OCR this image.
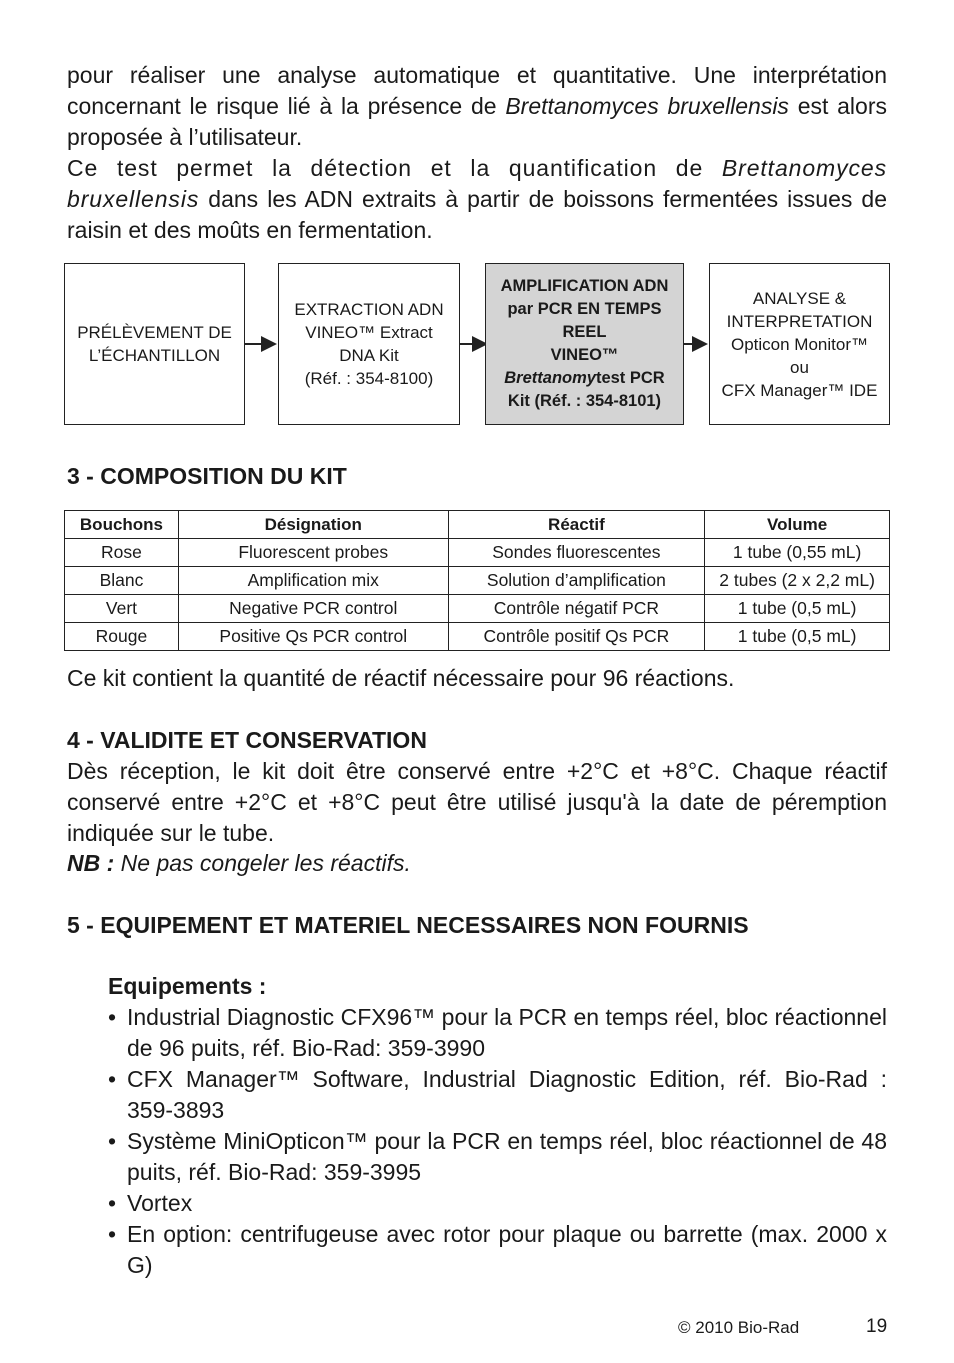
pour réaliser une analyse automatique et quantitative. Une interprétation concernant le risque lié à la présence de Brettanomyces bruxellensis est alors proposée à l’utilisateur.

Ce test permet la détection et la quantification de Brettanomyces bruxellensis dans les ADN extraits à partir de boissons fermentées issues de raisin et des moûts en fermentation.

PRÉLÈVEMENT DE
L’ÉCHANTILLON
EXTRACTION ADN
VINEO™ Extract
DNA Kit
(Réf. : 354-8100)
AMPLIFICATION ADN
par PCR EN TEMPS
REEL
VINEO™
Brettanomytest PCR
Kit (Réf. : 354-8101)
ANALYSE &
INTERPRETATION
Opticon Monitor™
ou
CFX Manager™ IDE
3 - COMPOSITION DU KIT
Bouchons	Désignation	Réactif	Volume
Rose	Fluorescent probes	Sondes fluorescentes	1 tube (0,55 mL)
Blanc	Amplification mix	Solution d’amplification	2 tubes (2 x 2,2 mL)
Vert	Negative PCR control	Contrôle négatif PCR	1 tube (0,5 mL)
Rouge	Positive Qs PCR control	Contrôle positif Qs PCR	1 tube (0,5 mL)

Ce kit contient la quantité de réactif nécessaire pour 96 réactions.

4 - VALIDITE ET CONSERVATION

Dès réception, le kit doit être conservé entre +2°C et +8°C. Chaque réactif conservé entre +2°C et +8°C peut être utilisé jusqu'à la date de péremption indiquée sur le tube.

NB : Ne pas congeler les réactifs.

5 - EQUIPEMENT ET MATERIEL NECESSAIRES NON FOURNIS
Equipements :
• Industrial Diagnostic CFX96™ pour la PCR en temps réel, bloc réactionnel de 96 puits, réf. Bio-Rad: 359-3990
• CFX Manager™ Software, Industrial Diagnostic Edition, réf. Bio-Rad : 359-3893
• Système MiniOpticon™ pour la PCR en temps réel, bloc réactionnel de 48 puits, réf. Bio-Rad: 359-3995
• Vortex
• En option: centrifugeuse avec rotor pour plaque ou barrette (max. 2000 x G)
© 2010 Bio-Rad	19
